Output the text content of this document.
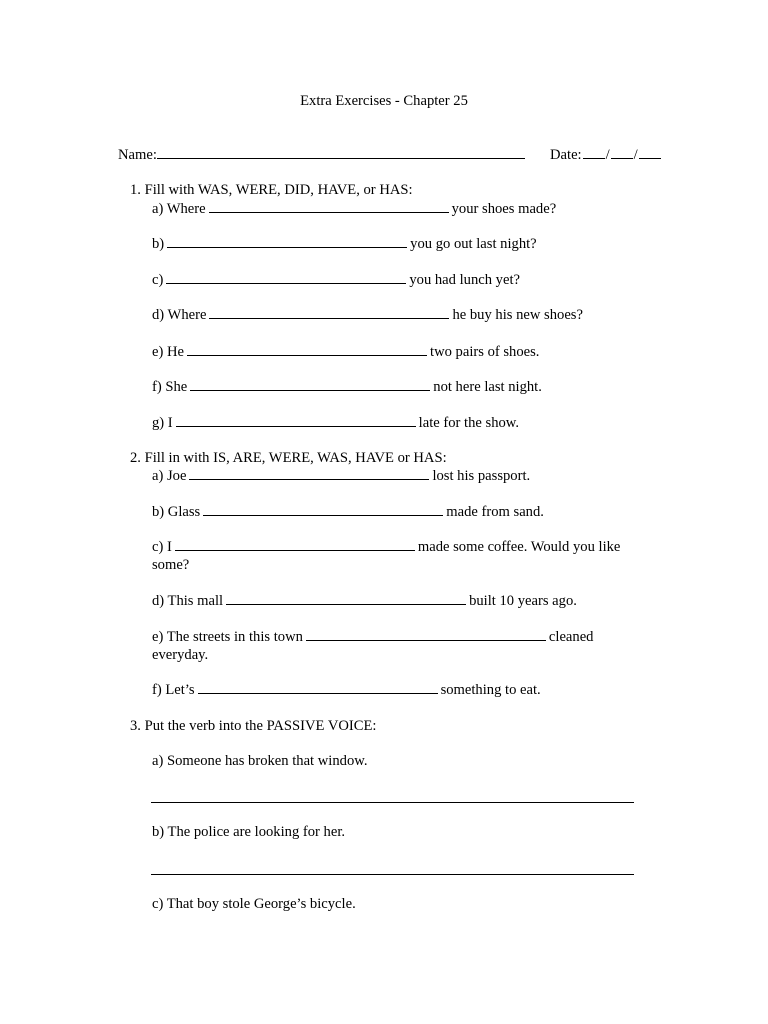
Extra Exercises - Chapter 25
Name:	Date: / /
1. Fill with WAS, WERE, DID, HAVE, or HAS:
a) Where	your shoes made?
b)	you go out last night?
c)	you had lunch yet?
d) Where	he buy his new shoes?
e) He	two pairs of shoes.
f) She	not here last night.
g) I	late for the show.
2. Fill in with IS, ARE, WERE, WAS, HAVE or HAS:
a) Joe	lost his passport.
b) Glass	made from sand.
c) I	made some coffee. Would you like
some?
d) This mall	built 10 years ago.
e) The streets in this town	cleaned
everyday.
f) Let’s	something to eat.
3. Put the verb into the PASSIVE VOICE:
a) Someone has broken that window.
b) The police are looking for her.
c) That boy stole George’s bicycle.
